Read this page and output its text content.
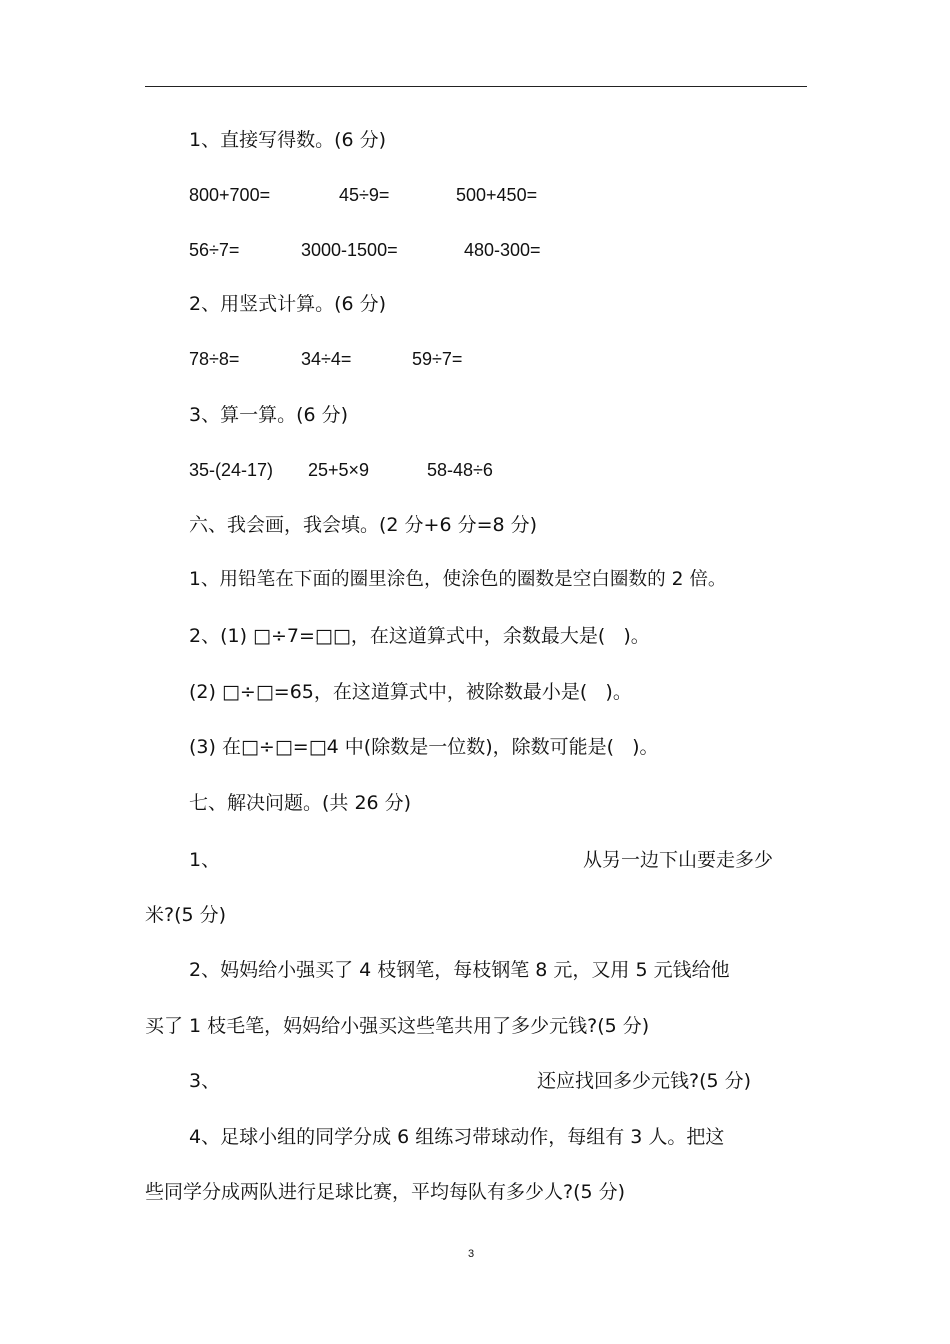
1、直接写得数。(6 分)
800+700=	45÷9=	500+450=
56÷7=	3000-1500=	480-300=
2、用竖式计算。(6 分)
78÷8=	34÷4=	59÷7=
3、算一算。(6 分)
35-(24-17) 25+5×9	58-48÷6
六、我会画，我会填。(2 分+6 分=8 分)
1、用铅笔在下面的圈里涂色，使涂色的圈数是空白圈数的 2 倍。
2、(1) □÷7=□□，在这道算式中，余数最大是(   )。
(2) □÷□=65，在这道算式中，被除数最小是(   )。
(3) 在□÷□=□4 中(除数是一位数)，除数可能是(   )。
七、解决问题。(共 26 分)
1、	从另一边下山要走多少
米?(5 分)
2、妈妈给小强买了 4 枝钢笔，每枝钢笔 8 元，又用 5 元钱给他
买了 1 枝毛笔，妈妈给小强买这些笔共用了多少元钱?(5 分)
3、	还应找回多少元钱?(5 分)
4、足球小组的同学分成 6 组练习带球动作，每组有 3 人。把这
些同学分成两队进行足球比赛，平均每队有多少人?(5 分)
3
